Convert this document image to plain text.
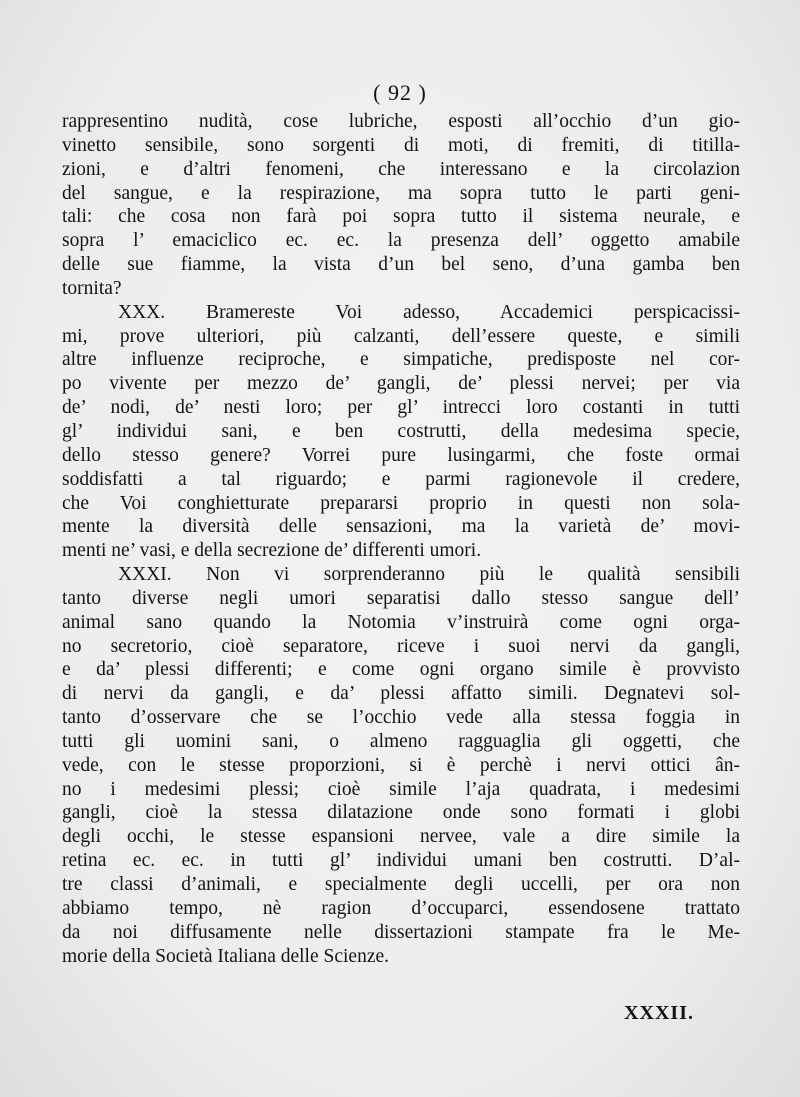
( 92 )
rappresentino nudità, cose lubriche, esposti all’occhio d’un gio-
vinetto sensibile, sono sorgenti di moti, di fremiti, di titilla-
zioni, e d’altri fenomeni, che interessano e la circolazion
del sangue, e la respirazione, ma sopra tutto le parti geni-
tali: che cosa non farà poi sopra tutto il sistema neurale, e
sopra l’ emaciclico ec. ec. la presenza dell’ oggetto amabile
delle sue fiamme, la vista d’un bel seno, d’una gamba ben
tornita?
XXX. Bramereste Voi adesso, Accademici perspicacissi-
mi, prove ulteriori, più calzanti, dell’essere queste, e simili
altre influenze reciproche, e simpatiche, predisposte nel cor-
po vivente per mezzo de’ gangli, de’ plessi nervei; per via
de’ nodi, de’ nesti loro; per gl’ intrecci loro costanti in tutti
gl’ individui sani, e ben costrutti, della medesima specie,
dello stesso genere? Vorrei pure lusingarmi, che foste ormai
soddisfatti a tal riguardo; e parmi ragionevole il credere,
che Voi conghietturate prepararsi proprio in questi non sola-
mente la diversità delle sensazioni, ma la varietà de’ movi-
menti ne’ vasi, e della secrezione de’ differenti umori.
XXXI. Non vi sorprenderanno più le qualità sensibili
tanto diverse negli umori separatisi dallo stesso sangue dell’
animal sano quando la Notomia v’instruirà come ogni orga-
no secretorio, cioè separatore, riceve i suoi nervi da gangli,
e da’ plessi differenti; e come ogni organo simile è provvisto
di nervi da gangli, e da’ plessi affatto simili. Degnatevi sol-
tanto d’osservare che se l’occhio vede alla stessa foggia in
tutti gli uomini sani, o almeno ragguaglia gli oggetti, che
vede, con le stesse proporzioni, si è perchè i nervi ottici ân-
no i medesimi plessi; cioè simile l’aja quadrata, i medesimi
gangli, cioè la stessa dilatazione onde sono formati i globi
degli occhi, le stesse espansioni nervee, vale a dire simile la
retina ec. ec. in tutti gl’ individui umani ben costrutti. D’al-
tre classi d’animali, e specialmente degli uccelli, per ora non
abbiamo tempo, nè ragion d’occuparci, essendosene trattato
da noi diffusamente nelle dissertazioni stampate fra le Me-
morie della Società Italiana delle Scienze.
XXXII.
